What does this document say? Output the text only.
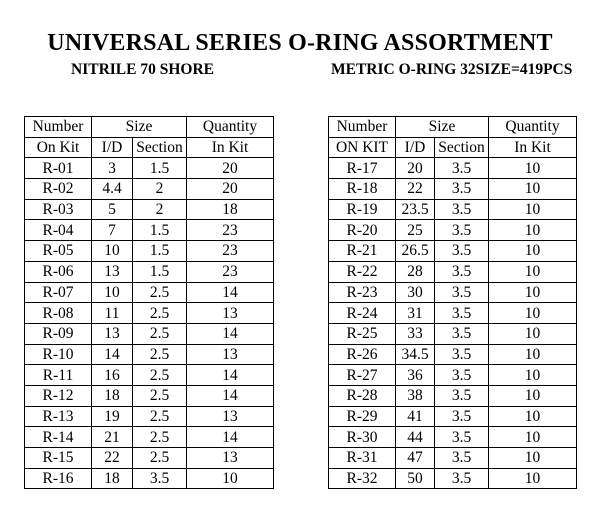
UNIVERSAL SERIES O-RING ASSORTMENT
NITRILE 70 SHORE	METRIC O-RING 32SIZE=419PCS
Number	Size		Quantity
On Kit	I/D	Section	In Kit
R-01	3	1.5	20
R-02	4.4	2	20
R-03	5	2	18
R-04	7	1.5	23
R-05	10	1.5	23
R-06	13	1.5	23
R-07	10	2.5	14
R-08	11	2.5	13
R-09	13	2.5	14
R-10	14	2.5	13
R-11	16	2.5	14
R-12	18	2.5	14
R-13	19	2.5	13
R-14	21	2.5	14
R-15	22	2.5	13
R-16	18	3.5	10
Number	Size		Quantity
ON KIT	I/D	Section	In Kit
R-17	20	3.5	10
R-18	22	3.5	10
R-19	23.5	3.5	10
R-20	25	3.5	10
R-21	26.5	3.5	10
R-22	28	3.5	10
R-23	30	3.5	10
R-24	31	3.5	10
R-25	33	3.5	10
R-26	34.5	3.5	10
R-27	36	3.5	10
R-28	38	3.5	10
R-29	41	3.5	10
R-30	44	3.5	10
R-31	47	3.5	10
R-32	50	3.5	10
